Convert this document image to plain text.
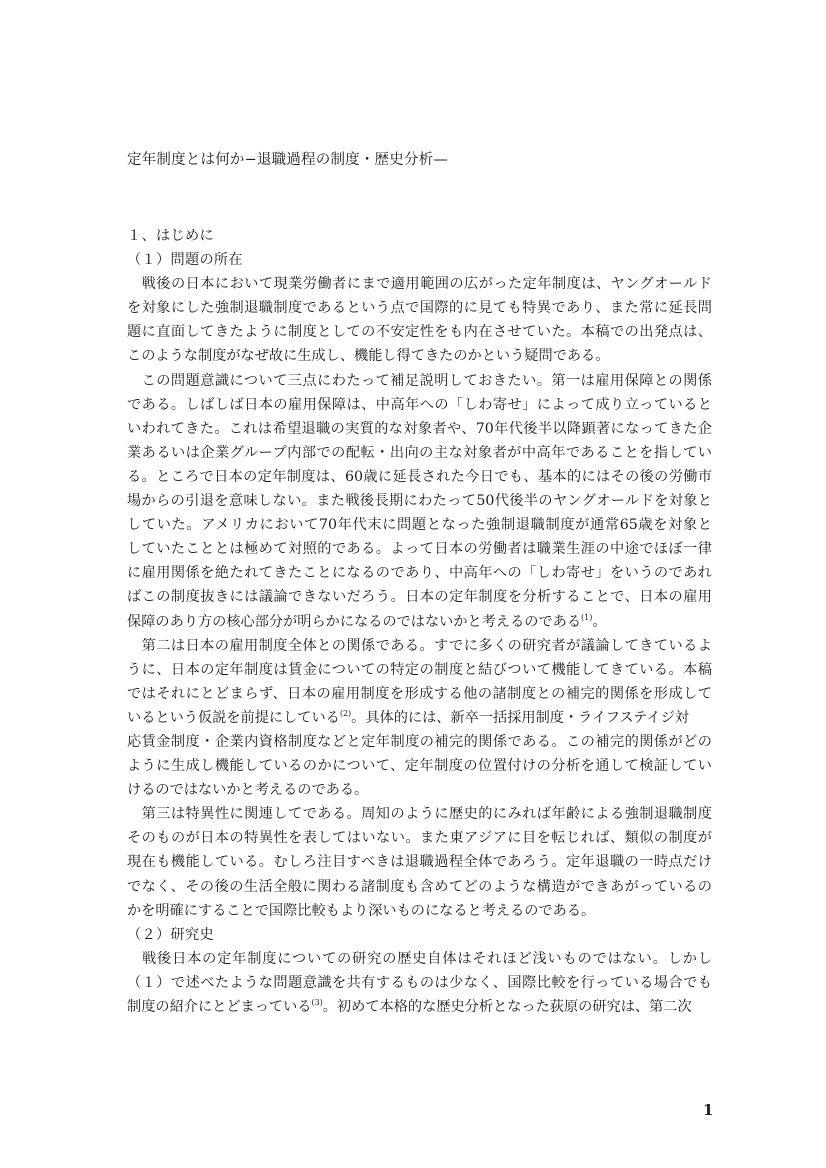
定年制度とは何か−退職過程の制度・歴史分析—
１、はじめに
（１）問題の所在
　戦後の日本において現業労働者にまで適用範囲の広がった定年制度は、ヤングオールド
を対象にした強制退職制度であるという点で国際的に見ても特異であり、また常に延長問
題に直面してきたように制度としての不安定性をも内在させていた。本稿での出発点は、
このような制度がなぜ故に生成し、機能し得てきたのかという疑問である。
　この問題意識について三点にわたって補足説明しておきたい。第一は雇用保障との関係
である。しばしば日本の雇用保障は、中高年への「しわ寄せ」によって成り立っていると
いわれてきた。これは希望退職の実質的な対象者や、70年代後半以降顕著になってきた企
業あるいは企業グループ内部での配転・出向の主な対象者が中高年であることを指してい
る。ところで日本の定年制度は、60歳に延長された今日でも、基本的にはその後の労働市
場からの引退を意味しない。また戦後長期にわたって50代後半のヤングオールドを対象と
していた。アメリカにおいて70年代末に問題となった強制退職制度が通常65歳を対象と
していたこととは極めて対照的である。よって日本の労働者は職業生涯の中途でほぼ一律
に雇用関係を絶たれてきたことになるのであり、中高年への「しわ寄せ」をいうのであれ
ばこの制度抜きには議論できないだろう。日本の定年制度を分析することで、日本の雇用
保障のあり方の核心部分が明らかになるのではないかと考えるのである$^{(1)}$。
　第二は日本の雇用制度全体との関係である。すでに多くの研究者が議論してきているよ
うに、日本の定年制度は賃金についての特定の制度と結びついて機能してきている。本稿
ではそれにとどまらず、日本の雇用制度を形成する他の諸制度との補完的関係を形成して
いるという仮説を前提にしている$^{(2)}$。具体的には、新卒一括採用制度・ライフステイジ対
応賃金制度・企業内資格制度などと定年制度の補完的関係である。この補完的関係がどの
ように生成し機能しているのかについて、定年制度の位置付けの分析を通して検証してい
けるのではないかと考えるのである。
　第三は特異性に関連してである。周知のように歴史的にみれば年齢による強制退職制度
そのものが日本の特異性を表してはいない。また東アジアに目を転じれば、類似の制度が
現在も機能している。むしろ注目すべきは退職過程全体であろう。定年退職の一時点だけ
でなく、その後の生活全般に関わる諸制度も含めてどのような構造ができあがっているの
かを明確にすることで国際比較もより深いものになると考えるのである。
（２）研究史
　戦後日本の定年制度についての研究の歴史自体はそれほど浅いものではない。しかし
（１）で述べたような問題意識を共有するものは少なく、国際比較を行っている場合でも
制度の紹介にとどまっている$^{(3)}$。初めて本格的な歴史分析となった荻原の研究は、第二次
1
